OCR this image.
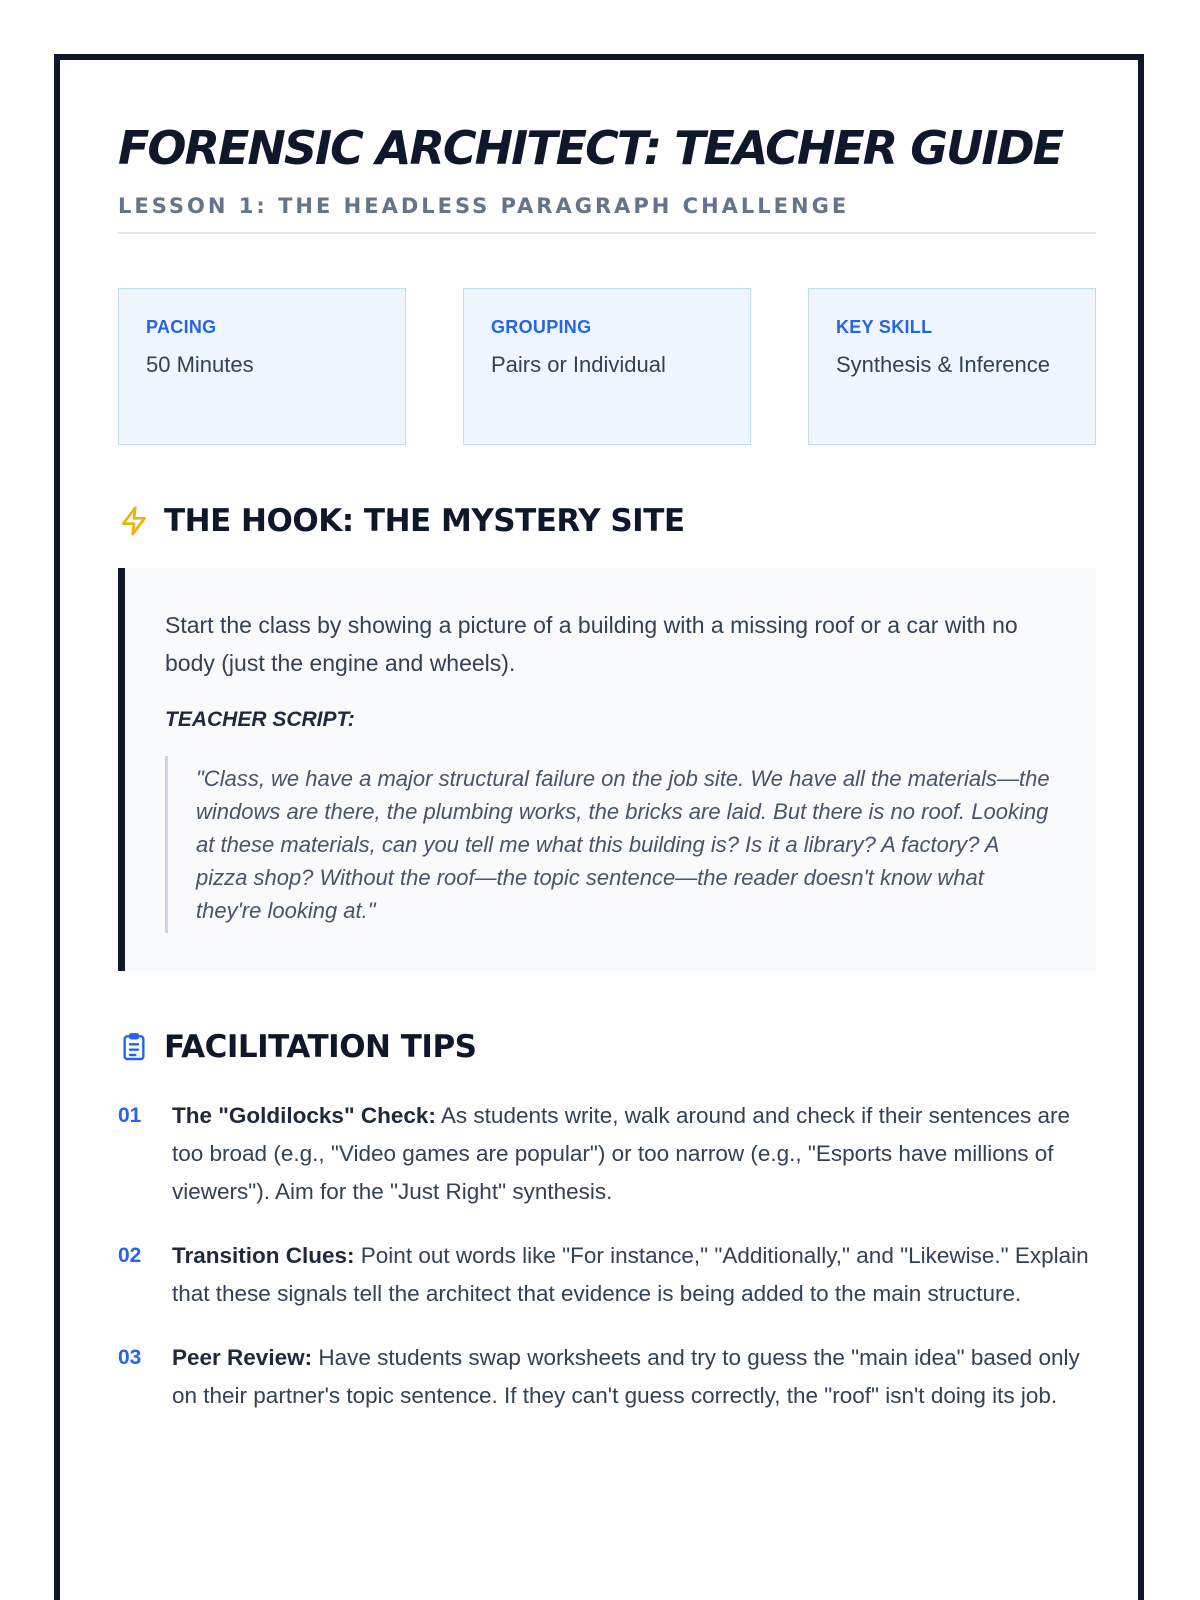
FORENSIC ARCHITECT: TEACHER GUIDE
LESSON 1: THE HEADLESS PARAGRAPH CHALLENGE
PACING
50 Minutes
GROUPING
Pairs or Individual
KEY SKILL
Synthesis & Inference
THE HOOK: THE MYSTERY SITE

Start the class by showing a picture of a building with a missing roof or a car with no body (just the engine and wheels).

TEACHER SCRIPT:
"Class, we have a major structural failure on the job site. We have all the materials—the windows are there, the plumbing works, the bricks are laid. But there is no roof. Looking at these materials, can you tell me what this building is? Is it a library? A factory? A pizza shop? Without the roof—the topic sentence—the reader doesn't know what they're looking at."
FACILITATION TIPS
01	The "Goldilocks" Check: As students write, walk around and check if their sentences are too broad (e.g., "Video games are popular") or too narrow (e.g., "Esports have millions of viewers"). Aim for the "Just Right" synthesis.
02	Transition Clues: Point out words like "For instance," "Additionally," and "Likewise." Explain that these signals tell the architect that evidence is being added to the main structure.
03	Peer Review: Have students swap worksheets and try to guess the "main idea" based only on their partner's topic sentence. If they can't guess correctly, the "roof" isn't doing its job.
